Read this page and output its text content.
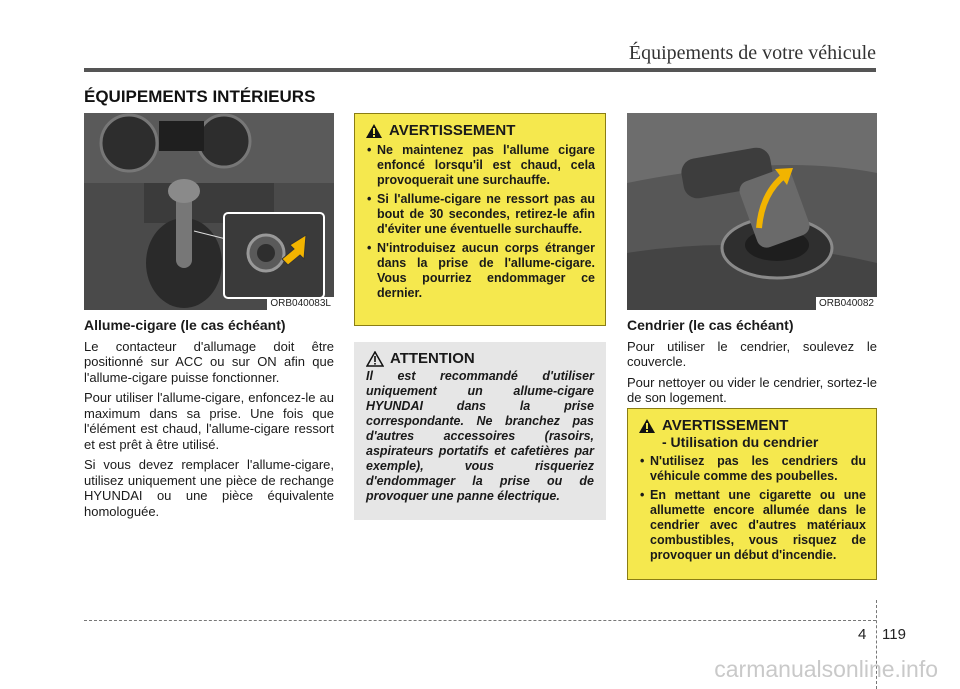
Équipements de votre véhicule
ÉQUIPEMENTS INTÉRIEURS
ORB040083L
Allume-cigare (le cas échéant)

Le contacteur d'allumage doit être positionné sur ACC ou sur ON afin que l'allume-cigare puisse fonctionner.

Pour utiliser l'allume-cigare, enfoncez-le au maximum dans sa prise. Une fois que l'élément est chaud, l'allume-cigare ressort et est prêt à être utilisé.

Si vous devez remplacer l'allume-cigare, utilisez uniquement une pièce de rechange HYUNDAI ou une pièce équivalente homologuée.

AVERTISSEMENT
• Ne maintenez pas l'allume cigare enfoncé lorsqu'il est chaud, cela provoquerait une surchauffe.
• Si l'allume-cigare ne ressort pas au bout de 30 secondes, retirez-le afin d'éviter une éventuelle surchauffe.
• N'introduisez aucun corps étranger dans la prise de l'allume-cigare. Vous pourriez endommager ce dernier.
ATTENTION

Il est recommandé d'utiliser uniquement un allume-cigare HYUNDAI dans la prise correspondante. Ne branchez pas d'autres accessoires (rasoirs, aspirateurs portatifs et cafetières par exemple), vous risqueriez d'endommager la prise ou de provoquer une panne électrique.

ORB040082
Cendrier (le cas échéant)

Pour utiliser le cendrier, soulevez le couvercle.

Pour nettoyer ou vider le cendrier, sortez-le de son logement.

AVERTISSEMENT
- Utilisation du cendrier
• N'utilisez pas les cendriers du véhicule comme des poubelles.
• En mettant une cigarette ou une allumette encore allumée dans le cendrier avec d'autres matériaux combustibles, vous risquez de provoquer un début d'incendie.
4 119
carmanualsonline.info
